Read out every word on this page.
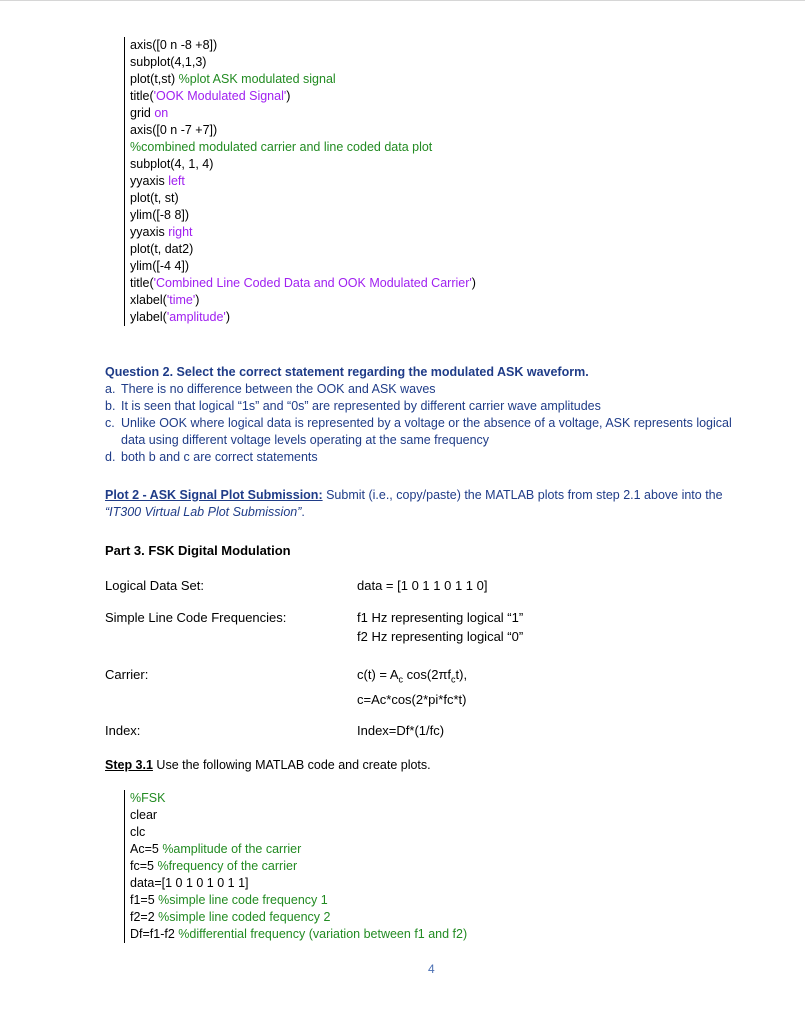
axis([0 n -8 +8])
subplot(4,1,3)
plot(t,st) %plot ASK modulated signal
title('OOK Modulated Signal')
grid on
axis([0 n -7 +7])
%combined modulated carrier and line coded data plot
subplot(4, 1, 4)
yyaxis left
plot(t, st)
ylim([-8 8])
yyaxis right
plot(t, dat2)
ylim([-4 4])
title('Combined Line Coded Data and OOK Modulated Carrier')
xlabel('time')
ylabel('amplitude')
Question 2. Select the correct statement regarding the modulated ASK waveform.
a. There is no difference between the OOK and ASK waves
b. It is seen that logical “1s” and “0s” are represented by different carrier wave amplitudes
c. Unlike OOK where logical data is represented by a voltage or the absence of a voltage, ASK represents logical
data using different voltage levels operating at the same frequency
d. both b and c are correct statements
Plot 2 - ASK Signal Plot Submission: Submit (i.e., copy/paste) the MATLAB plots from step 2.1 above into the
“IT300 Virtual Lab Plot Submission”.
Part 3. FSK Digital Modulation
Logical Data Set:	data = [1 0 1 1 0 1 1 0]
Simple Line Code Frequencies:	f1 Hz representing logical “1”
f2 Hz representing logical “0”
Carrier:	$c(t) = A_c$ $\cos(2\pi f_ct)$,
c=Ac*cos(2*pi*fc*t)
Index:	Index=Df*(1/fc)
Step 3.1 Use the following MATLAB code and create plots.
%FSK
clear
clc
Ac=5 %amplitude of the carrier
fc=5 %frequency of the carrier
data=[1 0 1 0 1 0 1 1]
f1=5 %simple line code frequency 1
f2=2 %simple line coded fequency 2
Df=f1-f2 %differential frequency (variation between f1 and f2)
4
